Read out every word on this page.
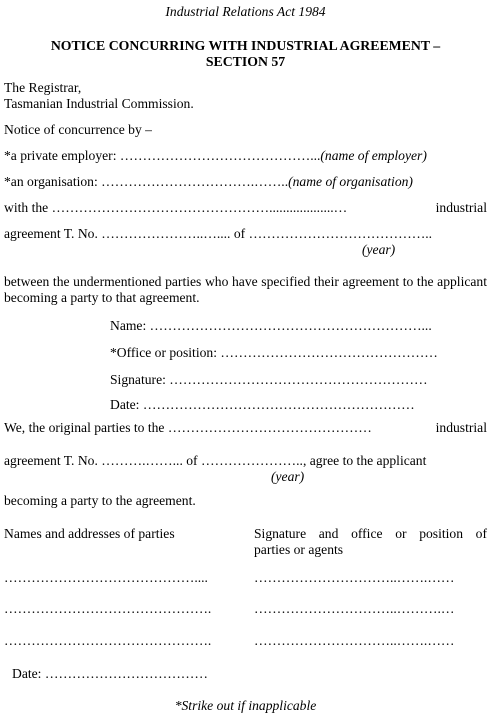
Industrial Relations Act 1984
NOTICE CONCURRING WITH INDUSTRIAL AGREEMENT –
SECTION 57
The Registrar,
Tasmanian Industrial Commission.
Notice of concurrence by –
*a private employer: ……………………………………...(name of employer)
*an organisation: …………………………….……..(name of organisation)
with the …………………………………………...................…	industrial
agreement T. No. …………………..….... of …………………………………..
(year)
between the undermentioned parties who have specified their agreement to the applicant becoming a party to that agreement.
Name: ……………………………………………………...
*Office or position: …………………………………………
Signature: …………………………………………………
Date: ……………………………………………………
We, the original parties to the ………………………………………	industrial
agreement T. No. ……….……... of ………………….., agree to the applicant
(year)
becoming a party to the agreement.
Names and addresses of parties	Signature and office or position of
parties or agents
……………………………………....	…………………………..…….……
……………………………………….	…………………………..……….…
……………………………………….	…………………………..…….……
Date: ………………………………
*Strike out if inapplicable
